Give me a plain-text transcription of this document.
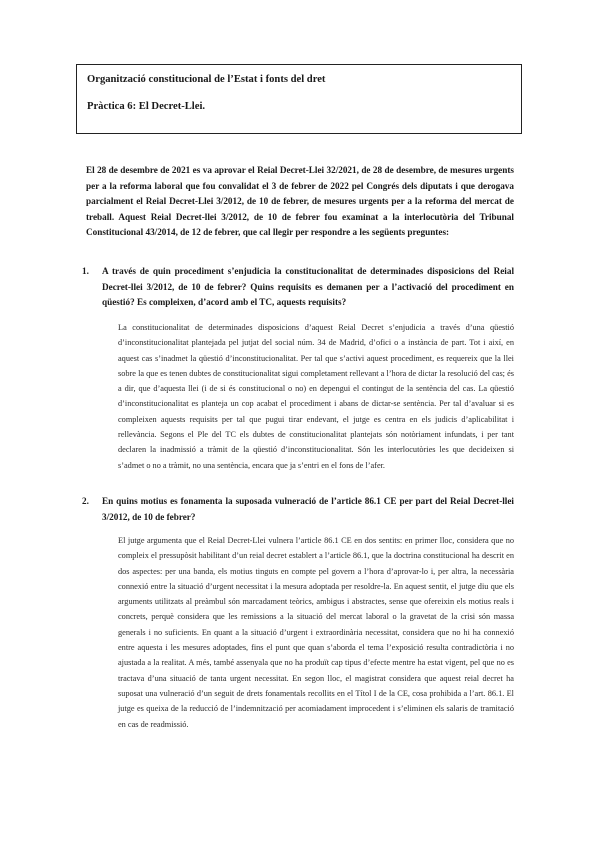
Organització constitucional de l’Estat i fonts del dret

Pràctica 6: El Decret-Llei.

El 28 de desembre de 2021 es va aprovar el Reial Decret-Llei 32/2021, de 28 de desembre, de mesures urgents per a la reforma laboral que fou convalidat el 3 de febrer de 2022 pel Congrés dels diputats i que derogava parcialment el Reial Decret-Llei 3/2012, de 10 de febrer, de mesures urgents per a la reforma del mercat de treball. Aquest Reial Decret-llei 3/2012, de 10 de febrer fou examinat a la interlocutòria del Tribunal Constitucional 43/2014, de 12 de febrer, que cal llegir per respondre a les següents preguntes:

1. A través de quin procediment s’enjudicia la constitucionalitat de determinades disposicions del Reial Decret-llei 3/2012, de 10 de febrer? Quins requisits es demanen per a l’activació del procediment en qüestió? Es compleixen, d’acord amb el TC, aquests requisits?

La constitucionalitat de determinades disposicions d’aquest Reial Decret s’enjudicia a través d’una qüestió d’inconstitucionalitat plantejada pel jutjat del social núm. 34 de Madrid, d’ofici o a instància de part. Tot i així, en aquest cas s’inadmet la qüestió d’inconstitucionalitat. Per tal que s’activi aquest procediment, es requereix que la llei sobre la que es tenen dubtes de constitucionalitat sigui completament rellevant a l’hora de dictar la resolució del cas; és a dir, que d’aquesta llei (i de si és constitucional o no) en depengui el contingut de la sentència del cas. La qüestió d’inconstitucionalitat es planteja un cop acabat el procediment i abans de dictar-se sentència. Per tal d’avaluar si es compleixen aquests requisits per tal que pugui tirar endevant, el jutge es centra en els judicis d’aplicabilitat i rellevància. Segons el Ple del TC els dubtes de constitucionalitat plantejats són notòriament infundats, i per tant declaren la inadmissió a tràmit de la qüestió d’inconstitucionalitat. Són les interlocutòries les que decideixen si s’admet o no a tràmit, no una sentència, encara que ja s’entri en el fons de l’afer.

2. En quins motius es fonamenta la suposada vulneració de l’article 86.1 CE per part del Reial Decret-llei 3/2012, de 10 de febrer?

El jutge argumenta que el Reial Decret-Llei vulnera l’article 86.1 CE en dos sentits: en primer lloc, considera que no compleix el pressupòsit habilitant d’un reial decret establert a l’article 86.1, que la doctrina constitucional ha descrit en dos aspectes: per una banda, els motius tinguts en compte pel govern a l’hora d’aprovar-lo i, per altra, la necessària connexió entre la situació d’urgent necessitat i la mesura adoptada per resoldre-la. En aquest sentit, el jutge diu que els arguments utilitzats al preàmbul són marcadament teòrics, ambigus i abstractes, sense que ofereixin els motius reals i concrets, perquè considera que les remissions a la situació del mercat laboral o la gravetat de la crisi són massa generals i no suficients. En quant a la situació d’urgent i extraordinària necessitat, considera que no hi ha connexió entre aquesta i les mesures adoptades, fins el punt que quan s’aborda el tema l’exposició resulta contradictòria i no ajustada a la realitat. A més, també assenyala que no ha produït cap tipus d’efecte mentre ha estat vigent, pel que no es tractava d’una situació de tanta urgent necessitat. En segon lloc, el magistrat considera que aquest reial decret ha suposat una vulneració d’un seguit de drets fonamentals recollits en el Títol I de la CE, cosa prohibida a l’art. 86.1. El jutge es queixa de la reducció de l’indemnització per acomiadament improcedent i s’eliminen els salaris de tramitació en cas de readmissió.
